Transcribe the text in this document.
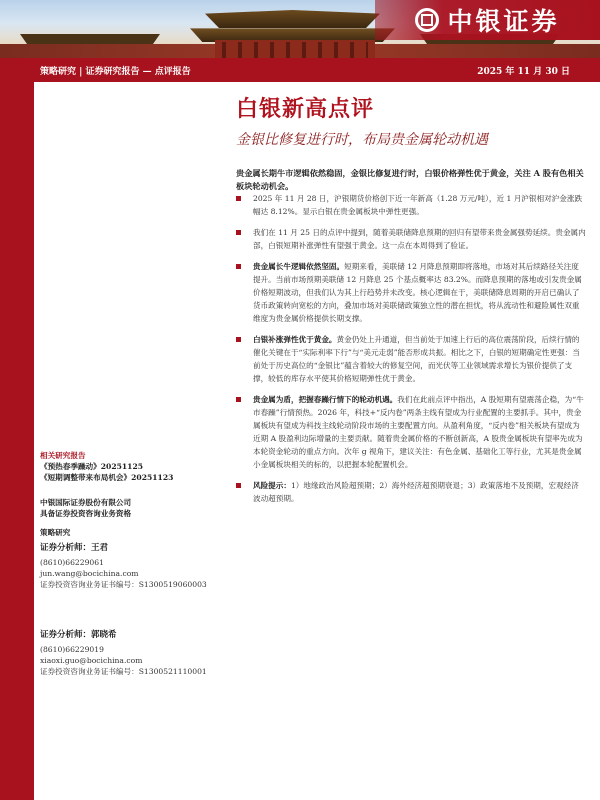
中银证券
策略研究 | 证券研究报告 — 点评报告	2025 年 11 月 30 日
白银新高点评
金银比修复进行时，布局贵金属轮动机遇
贵金属长期牛市逻辑依然稳固，金银比修复进行时，白银价格弹性优于黄金，关注 A 股有色相关板块轮动机会。
2025 年 11 月 28 日，沪银期货价格创下近一年新高（1.28 万元/吨），近 1 月沪银相对沪金涨跌幅达 8.12%。显示白银在贵金属板块中弹性更强。
我们在 11 月 25 日的点评中提到，随着美联储降息预期的回归有望带来贵金属强势延续。贵金属内部，白银短期补涨弹性有望强于黄金。这一点在本周得到了验证。
贵金属长牛逻辑依然坚固。短期来看，美联储 12 月降息预期即将落地，市场对其后续路径关注度提升。当前市场预期美联储 12 月降息 25 个基点概率达 83.2%。而降息预期的落地或引发贵金属价格短期波动，但我们认为其上行趋势并未改变。核心逻辑在于，美联储降息周期的开启已确认了货币政策转向宽松的方向，叠加市场对美联储政策独立性的潜在担忧，将从流动性和避险属性双重维度为贵金属价格提供长期支撑。
白银补涨弹性优于黄金。黄金仍处上升通道，但当前处于加速上行后的高位震荡阶段，后续行情的催化关键在于“实际利率下行”与“美元走弱”能否形成共振。相比之下，白银的短期确定性更强：当前处于历史高位的“金银比”蕴含着较大的修复空间，而光伏等工业领域需求增长为银价提供了支撑，较低的库存水平使其价格短期弹性优于黄金。
贵金属为盾，把握春躁行情下的轮动机遇。我们在此前点评中指出，A 股短期有望震荡企稳，为“牛市春躁”行情预热。2026 年，科技+“反内卷”两条主线有望成为行业配置的主要抓手。其中，贵金属板块有望成为科技主线轮动阶段市场的主要配置方向。从盈利角度，“反内卷”相关板块有望成为近期 A 股盈利边际增量的主要贡献。随着贵金属价格的不断创新高，A 股贵金属板块有望率先成为本轮资金轮动的重点方向。次年 g 视角下，建议关注：有色金属、基础化工等行业，尤其是贵金属小金属板块相关的标的，以把握本轮配置机会。
风险提示：1）地缘政治风险超预期；2）海外经济超预期衰退；3）政策落地不及预期，宏观经济波动超预期。
相关研究报告
《预热春季躁动》20251125
《短期调整带来布局机会》20251123
中银国际证券股份有限公司
具备证券投资咨询业务资格
策略研究
证券分析师：王君
(8610)66229061
jun.wang@bocichina.com
证券投资咨询业务证书编号：S1300519060003
证券分析师：郭晓希
(8610)66229019
xiaoxi.guo@bocichina.com
证券投资咨询业务证书编号：S1300521110001
